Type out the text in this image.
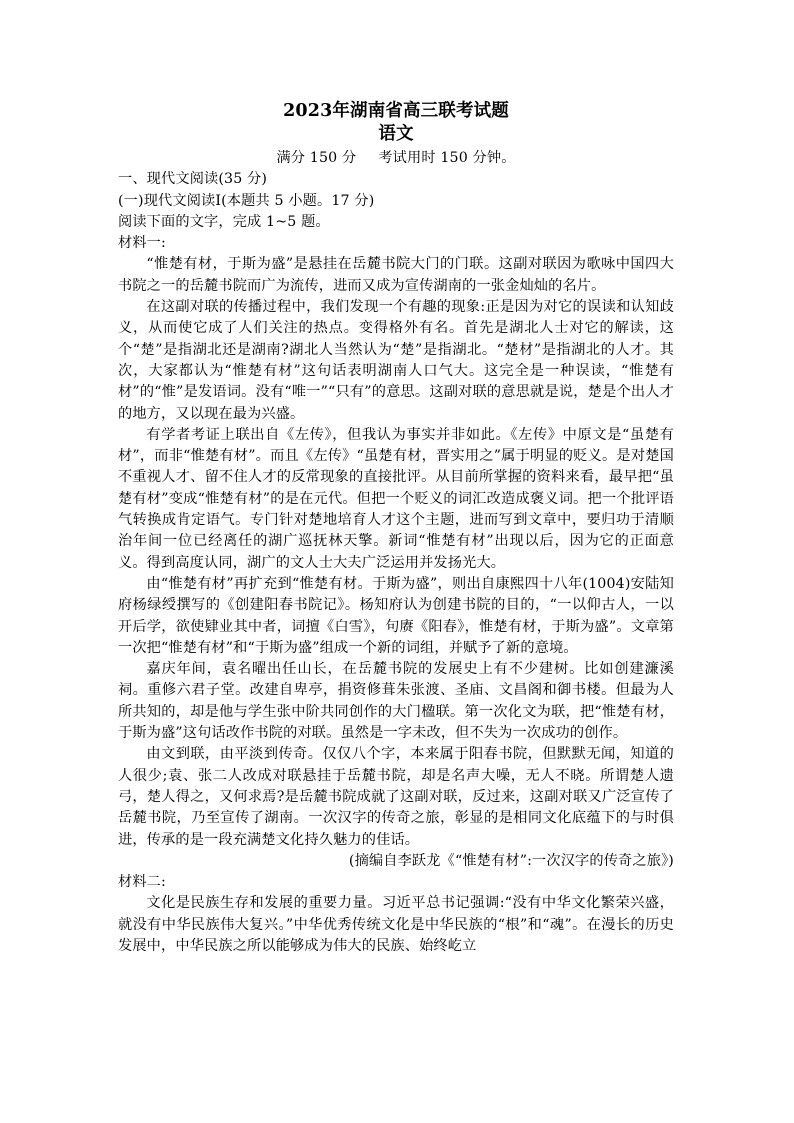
2023年湖南省高三联考试题

语文

满分 150 分 考试用时 150 分钟。

一、现代文阅读(35 分)

(一)现代文阅读Ⅰ(本题共 5 小题。17 分)

阅读下面的文字，完成 1~5 题。

材料一:

“惟楚有材，于斯为盛”是悬挂在岳麓书院大门的门联。这副对联因为歌咏中国四大书院之一的岳麓书院而广为流传，进而又成为宣传湖南的一张金灿灿的名片。

在这副对联的传播过程中，我们发现一个有趣的现象:正是因为对它的误读和认知歧义，从而使它成了人们关注的热点。变得格外有名。首先是湖北人士对它的解读，这个“楚”是指湖北还是湖南?湖北人当然认为“楚”是指湖北。“楚材”是指湖北的人才。其次，大家都认为“惟楚有材”这句话表明湖南人口气大。这完全是一种误读，“惟楚有材”的“惟”是发语词。没有“唯一”“只有”的意思。这副对联的意思就是说，楚是个出人才的地方，又以现在最为兴盛。

有学者考证上联出自《左传》，但我认为事实并非如此。《左传》中原文是“虽楚有材”，而非“惟楚有材”。而且《左传》“虽楚有材，晋实用之”属于明显的贬义。是对楚国不重视人才、留不住人才的反常现象的直接批评。从目前所掌握的资料来看，最早把“虽楚有材”变成“惟楚有材”的是在元代。但把一个贬义的词汇改造成褒义词。把一个批评语气转换成肯定语气。专门针对楚地培育人才这个主题，进而写到文章中，要归功于清顺治年间一位已经离任的湖广巡抚林天擎。新词“惟楚有材”出现以后，因为它的正面意义。得到高度认同，湖广的文人士大夫广泛运用并发扬光大。

由“惟楚有材”再扩充到“惟楚有材。于斯为盛”，则出自康熙四十八年(1004)安陆知府杨绿绶撰写的《创建阳春书院记》。杨知府认为创建书院的目的，“一以仰古人，一以开后学，欲使肄业其中者，词擅《白雪》，句赓《阳春》，惟楚有材，于斯为盛”。文章第一次把“惟楚有材”和“于斯为盛”组成一个新的词组，并赋予了新的意境。

嘉庆年间，袁名曜出任山长，在岳麓书院的发展史上有不少建树。比如创建濂溪祠。重修六君子堂。改建自卑亭，捐资修葺朱张渡、圣庙、文昌阁和御书楼。但最为人所共知的，却是他与学生张中阶共同创作的大门楹联。第一次化文为联，把“惟楚有材，于斯为盛”这句话改作书院的对联。虽然是一字未改，但不失为一次成功的创作。

由文到联，由平淡到传奇。仅仅八个字，本来属于阳春书院，但默默无闻，知道的人很少;袁、张二人改成对联悬挂于岳麓书院，却是名声大噪，无人不晓。所谓楚人遗弓，楚人得之，又何求焉?是岳麓书院成就了这副对联，反过来，这副对联又广泛宣传了岳麓书院，乃至宣传了湖南。一次汉字的传奇之旅，彰显的是相同文化底蕴下的与时俱进，传承的是一段充满楚文化持久魅力的佳话。

(摘编自李跃龙《“惟楚有材”:一次汉字的传奇之旅》)

材料二:

文化是民族生存和发展的重要力量。习近平总书记强调:“没有中华文化繁荣兴盛，就没有中华民族伟大复兴。”中华优秀传统文化是中华民族的“根”和“魂”。在漫长的历史发展中，中华民族之所以能够成为伟大的民族、始终屹立
